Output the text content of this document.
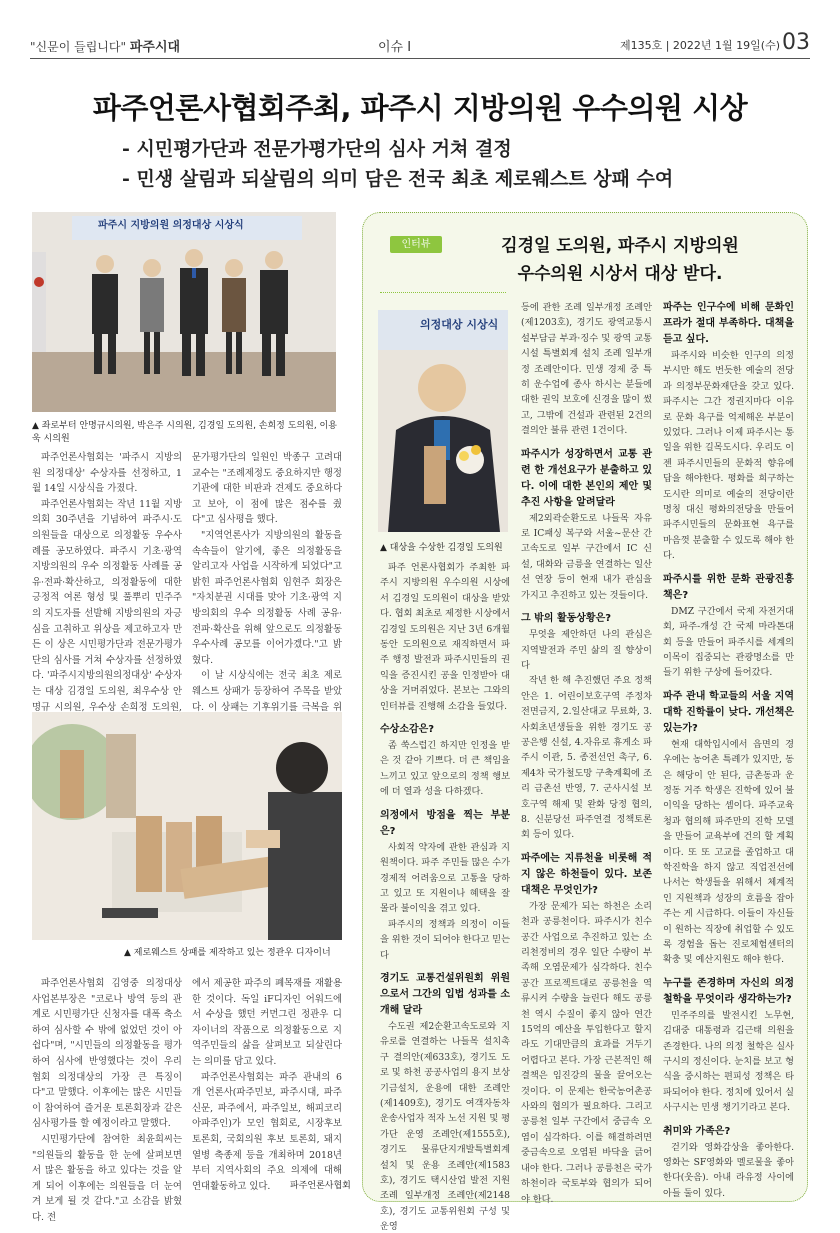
"신문이 들립니다" 파주시대	이슈 Ⅰ	제135호 | 2022년 1월 19일(수) 03
파주언론사협회주최, 파주시 지방의원 우수의원 시상
- 시민평가단과 전문가평가단의 심사 거쳐 결정
- 민생 살림과 되살림의 의미 담은 전국 최초 제로웨스트 상패 수여
파주시 지방의원 의정대상 시상식
▲ 좌로부터 안명규시의원, 박은주 시의원, 김경일 도의원, 손희정 도의원, 이용욱 시의원

파주언론사협회는 '파주시 지방의원 의정대상' 수상자를 선정하고, 1월 14일 시상식을 가졌다.

파주언론사협회는 작년 11월 지방의회 30주년을 기념하여 파주시·도의원들을 대상으로 의정활동 우수사례를 공모하였다. 파주시 기초·광역 지방의원의 우수 의정활동 사례를 공유·전파·확산하고, 의정활동에 대한 긍정적 여론 형성 및 풀뿌리 민주주의 지도자를 선발해 지방의원의 자긍심을 고취하고 위상을 제고하고자 만든 이 상은 시민평가단과 전문가평가단의 심사를 거쳐 수상자를 선정하였다. '파주시지방의원의정대상' 수상자는 대상 김경일 도의원, 최우수상 안명규 시의원, 우수상 손희정 도의원,

문가평가단의 일원인 박종구 고려대 교수는 "조례제정도 중요하지만 행정기관에 대한 비판과 견제도 중요하다고 보아, 이 점에 많은 점수를 줬다"고 심사평을 했다.

"지역언론사가 지방의원의 활동을 속속들이 알기에, 좋은 의정활동을 알리고자 사업을 시작하게 되었다"고 밝힌 파주언론사협회 임현주 회장은 "자치분권 시대를 맞아 기초·광역 지방의회의 우수 의정활동 사례 공유·전파·확산을 위해 앞으로도 의정활동 우수사례 공모를 이어가겠다."고 밝혔다.

이 날 시상식에는 전국 최초 제로웨스트 상패가 등장하여 주목을 받았다. 이 상패는 기후위기를 극복을 위

▲ 제로웨스트 상패를 제작하고 있는 정관우 디자이너

파주언론사협회 김영중 의정대상사업본부장은 "코로나 방역 등의 관계로 시민평가단 신청자를 대폭 축소하여 심사할 수 밖에 없었던 것이 아쉽다"며, "시민들의 의정활동을 평가하여 심사에 반영했다는 것이 우리 협회 의정대상의 가장 큰 특징이다"고 말했다. 이후에는 많은 시민들이 참여하여 즐거운 토론회장과 같은 심사평가를 할 예정이라고 말했다.

시민평가단에 참여한 최윤희씨는 "의원들의 활동을 한 눈에 살펴보면서 많은 활동을 하고 있다는 것을 알게 되어 이후에는 의원들을 더 눈여겨 보게 될 것 같다."고 소감을 밝혔다. 전

에서 제공한 파주의 폐목재를 재활용한 것이다. 독일 iF디자인 어워드에서 수상을 했던 커먼그린 정관우 디자이너의 작품으로 의정활동으로 지역주민들의 삶을 살펴보고 되살린다는 의미를 담고 있다.

파주언론사협회는 파주 관내의 6개 언론사(파주민보, 파주시대, 파주신문, 파주에서, 파주일보, 해피코리아파주인)가 모인 협회로, 시장후보 토론회, 국회의원 후보 토론회, 돼지열병 축종제 등을 개최하며 2018년부터 지역사회의 주요 의제에 대해 연대활동하고 있다.	파주언론사협회
인터뷰	김경일 도의원, 파주시 지방의원
우수의원 시상서 대상 받다.
의정대상 시상식
▲ 대상을 수상한 김경일 도의원

파주 언론사협회가 주최한 파주시 지방의원 우수의원 시상에서 김경일 도의원이 대상을 받았다. 협회 최초로 제정한 시상에서 김경일 도의원은 지난 3년 6개월 동안 도의원으로 재직하면서 파주 행정 발전과 파주시민들의 권익을 증진시킨 공을 인정받아 대상을 거머쥐었다. 본보는 그와의 인터뷰를 진행해 소감을 들었다.

수상소감은?

좀 쑥스럽긴 하지만 인정을 받은 것 같아 기쁘다. 더 큰 책임을 느끼고 있고 앞으로의 정책 행보에 더 열과 성을 다하겠다.

의정에서 방점을 찍는 부분은?

사회적 약자에 관한 관심과 지원책이다. 파주 주민들 많은 수가 경제적 어려움으로 고통을 당하고 있고 또 지원이나 혜택을 잘 몰라 불이익을 겪고 있다.

파주시의 정책과 의정이 이들을 위한 것이 되어야 한다고 믿는다

경기도 교통건설위원회 위원으로서 그간의 입법 성과를 소개해 달라

수도권 제2순환고속도로와 지유로를 연결하는 나들목 설치촉구 결의안(제633호), 경기도 도로 및 하천 공공사업의 용지 보상기금설치, 운용에 대한 조례안(제1409호), 경기도 여객자동차 운송사업자 적자 노선 지원 및 평가단 운영 조례안(제1555호), 경기도 물류단지개발특별회계 설치 및 운용 조례안(제1583호), 경기도 택시산업 발전 지원 조례 일부개정 조례안(제2148호), 경기도 교통위원회 구성 및 운영

등에 관한 조례 일부개정 조례안(제1203호), 경기도 광역교통시설부담금 부과·징수 및 광역 교통시설 특별회계 설치 조례 일부개정 조례안이다. 민생 경제 중 특히 운수업에 종사 하시는 분들에 대한 권익 보호에 신경을 많이 썼고, 그밖에 건설과 관련된 2건의 결의안 불류 관련 1건이다.

파주시가 성장하면서 교통 관련 한 개선요구가 분출하고 있다. 이에 대한 본인의 제안 및 추진 사항을 알려달라

제2외곽순환도로 나들목 자유로 IC패싱 복구와 서울~문산 간 고속도로 일부 구간에서 IC 신설, 대화와 금릉을 연결하는 일산선 연장 등이 현재 내가 관심을 가지고 추진하고 있는 것들이다.

그 밖의 활동상황은?

무엇을 제안하던 나의 관심은 지역발전과 주민 삶의 질 향상이다

작년 한 해 추진했던 주요 정책안은 1. 어린이보호구역 주정차전면금지, 2.일산대교 무료화, 3. 사회초년생들을 위한 경기도 공공은행 신설, 4.자유로 휴게소 파주시 이관, 5. 종전선언 촉구, 6. 제4차 국가철도망 구축계획에 조리 금촌선 반영, 7. 군사시설 보호구역 해제 및 완화 당정 협의, 8. 신분당선 파주연결 정책토론회 등이 있다.

파주에는 지류천을 비롯해 적지 않은 하천들이 있다. 보존대책은 무엇인가?

가장 문제가 되는 하천은 소리천과 공릉천이다. 파주시가 친수공간 사업으로 추진하고 있는 소리천정비의 경우 일단 수량이 부족해 오염문제가 심각하다. 친수공간 프로젝트대로 공릉천을 역류시켜 수량을 늘린다 해도 공릉천 역시 수질이 좋지 않아 연간 15억의 예산을 투입한다고 할지라도 기대만큼의 효과를 거두기 어렵다고 본다. 가장 근본적인 해결책은 임진강의 물을 끌어오는 것이다. 이 문제는 한국농어촌공사와의 협의가 필요하다. 그리고 공릉천 일부 구간에서 중금속 오염이 심각하다. 이를 해결하려면 중금속으로 오염된 바닥을 긁어내야 한다. 그러나 공릉천은 국가하천이라 국토부와 협의가 되어야 한다.

파주는 인구수에 비해 문화인프라가 절대 부족하다. 대책을 듣고 싶다.

파주시와 비슷한 인구의 의정부시만 해도 번듯한 예술의 전당과 의정부문화재단을 갖고 있다. 파주시는 그간 정권지마다 이유로 문화 욕구를 억제해온 부분이 있었다. 그러나 이제 파주시는 통일을 위한 길목도시다. 우리도 이젠 파주시민들의 문화적 향유에 답을 해야한다. 평화를 희구하는 도시란 의미로 예술의 전당이란 명칭 대신 평화의전당을 만들어 파주시민들의 문화표현 욕구를 마음껏 분출할 수 있도록 해야 한다.

파주시를 위한 문화 관광진흥책은?

DMZ 구간에서 국제 자전거대회, 파주-개성 간 국제 마라톤대회 등을 만들어 파주시를 세계의 이목이 집중되는 관광명소를 만들기 위한 구상에 들어갔다.

파주 관내 학교들의 서울 지역대학 진학률이 낮다. 개선책은 있는가?

현재 대학입시에서 읍면의 경우에는 농어촌 특례가 있지만, 동은 해당이 안 된다, 금촌동과 운정동 거주 학생은 진학에 있어 불이익을 당하는 셈이다. 파주교육청과 협의해 파주만의 진학 모델을 만들어 교육부에 건의 할 계획이다. 또 또 고교를 졸업하고 대학진학을 하지 않고 직업전선에 나서는 학생들을 위해서 체계적인 지원책과 성장의 흐름을 잡아주는 게 시급하다. 이들이 자신들이 원하는 직장에 취업할 수 있도록 경험을 돕는 진로체험센터의 확충 및 예산지원도 해야 한다.

누구를 존경하며 자신의 의정 철학을 무엇이라 생각하는가?

민주주의를 발전시킨 노무현, 김대중 대통령과 김근태 의원을 존경한다. 나의 의정 철학은 실사구시의 정신이다. 눈치를 보고 형식을 중시하는 편피성 정책은 타파되어야 한다. 정치에 있어서 실사구시는 민생 챙기기라고 본다.

취미와 가족은?

걷기와 영화감상을 좋아한다. 영화는 SF영화와 멜로물을 좋아한다(웃음). 아내 라유정 사이에 아들 둘이 있다.
